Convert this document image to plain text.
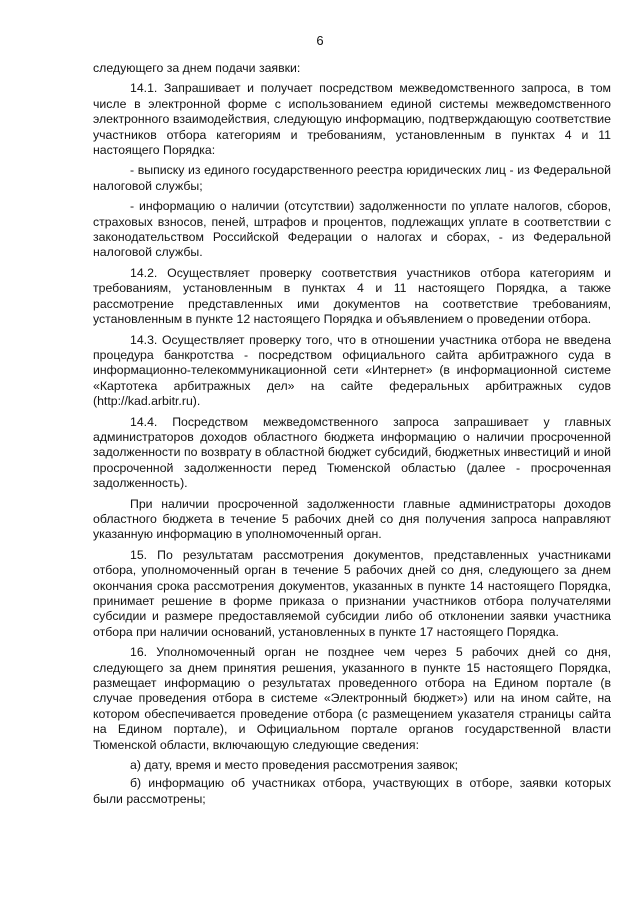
6

следующего за днем подачи заявки:

14.1. Запрашивает и получает посредством межведомственного запроса, в том числе в электронной форме с использованием единой системы межведомственного электронного взаимодействия, следующую информацию, подтверждающую соответствие участников отбора категориям и требованиям, установленным в пунктах 4 и 11 настоящего Порядка:

- выписку из единого государственного реестра юридических лиц - из Федеральной налоговой службы;

- информацию о наличии (отсутствии) задолженности по уплате налогов, сборов, страховых взносов, пеней, штрафов и процентов, подлежащих уплате в соответствии с законодательством Российской Федерации о налогах и сборах, - из Федеральной налоговой службы.

14.2. Осуществляет проверку соответствия участников отбора категориям и требованиям, установленным в пунктах 4 и 11 настоящего Порядка, а также рассмотрение представленных ими документов на соответствие требованиям, установленным в пункте 12 настоящего Порядка и объявлением о проведении отбора.

14.3. Осуществляет проверку того, что в отношении участника отбора не введена процедура банкротства - посредством официального сайта арбитражного суда в информационно-телекоммуникационной сети «Интернет» (в информационной системе «Картотека арбитражных дел» на сайте федеральных арбитражных судов (http://kad.arbitr.ru).

14.4. Посредством межведомственного запроса запрашивает у главных администраторов доходов областного бюджета информацию о наличии просроченной задолженности по возврату в областной бюджет субсидий, бюджетных инвестиций и иной просроченной задолженности перед Тюменской областью (далее - просроченная задолженность).

При наличии просроченной задолженности главные администраторы доходов областного бюджета в течение 5 рабочих дней со дня получения запроса направляют указанную информацию в уполномоченный орган.

15. По результатам рассмотрения документов, представленных участниками отбора, уполномоченный орган в течение 5 рабочих дней со дня, следующего за днем окончания срока рассмотрения документов, указанных в пункте 14 настоящего Порядка, принимает решение в форме приказа о признании участников отбора получателями субсидии и размере предоставляемой субсидии либо об отклонении заявки участника отбора при наличии оснований, установленных в пункте 17 настоящего Порядка.

16. Уполномоченный орган не позднее чем через 5 рабочих дней со дня, следующего за днем принятия решения, указанного в пункте 15 настоящего Порядка, размещает информацию о результатах проведенного отбора на Едином портале (в случае проведения отбора в системе «Электронный бюджет») или на ином сайте, на котором обеспечивается проведение отбора (с размещением указателя страницы сайта на Едином портале), и Официальном портале органов государственной власти Тюменской области, включающую следующие сведения:

а) дату, время и место проведения рассмотрения заявок;

б) информацию об участниках отбора, участвующих в отборе, заявки которых были рассмотрены;
